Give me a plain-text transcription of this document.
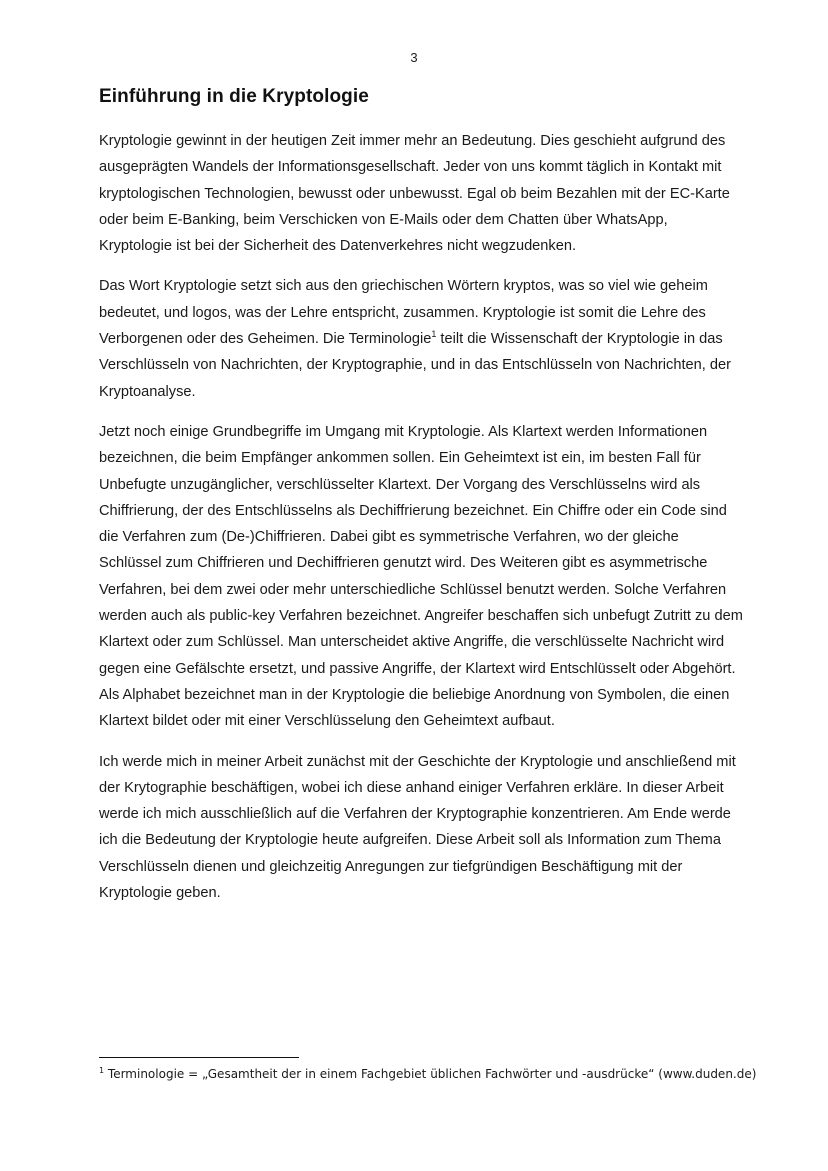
3
Einführung in die Kryptologie

Kryptologie gewinnt in der heutigen Zeit immer mehr an Bedeutung. Dies geschieht aufgrund des ausgeprägten Wandels der Informationsgesellschaft. Jeder von uns kommt täglich in Kontakt mit kryptologischen Technologien, bewusst oder unbewusst. Egal ob beim Bezahlen mit der EC-Karte oder beim E-Banking, beim Verschicken von E-Mails oder dem Chatten über WhatsApp, Kryptologie ist bei der Sicherheit des Datenverkehres nicht wegzudenken.

Das Wort Kryptologie setzt sich aus den griechischen Wörtern kryptos, was so viel wie geheim bedeutet, und logos, was der Lehre entspricht, zusammen. Kryptologie ist somit die Lehre des Verborgenen oder des Geheimen. Die Terminologie$^1$ teilt die Wissenschaft der Kryptologie in das Verschlüsseln von Nachrichten, der Kryptographie, und in das Entschlüsseln von Nachrichten, der Kryptoanalyse.

Jetzt noch einige Grundbegriffe im Umgang mit Kryptologie. Als Klartext werden Informationen bezeichnen, die beim Empfänger ankommen sollen. Ein Geheimtext ist ein, im besten Fall für Unbefugte unzugänglicher, verschlüsselter Klartext. Der Vorgang des Verschlüsselns wird als Chiffrierung, der des Entschlüsselns als Dechiffrierung bezeichnet. Ein Chiffre oder ein Code sind die Verfahren zum (De-)Chiffrieren. Dabei gibt es symmetrische Verfahren, wo der gleiche Schlüssel zum Chiffrieren und Dechiffrieren genutzt wird. Des Weiteren gibt es asymmetrische Verfahren, bei dem zwei oder mehr unterschiedliche Schlüssel benutzt werden. Solche Verfahren werden auch als public-key Verfahren bezeichnet. Angreifer beschaffen sich unbefugt Zutritt zu dem Klartext oder zum Schlüssel. Man unterscheidet aktive Angriffe, die verschlüsselte Nachricht wird gegen eine Gefälschte ersetzt, und passive Angriffe, der Klartext wird Entschlüsselt oder Abgehört. Als Alphabet bezeichnet man in der Kryptologie die beliebige Anordnung von Symbolen, die einen Klartext bildet oder mit einer Verschlüsselung den Geheimtext aufbaut.

Ich werde mich in meiner Arbeit zunächst mit der Geschichte der Kryptologie und anschließend mit der Krytographie beschäftigen, wobei ich diese anhand einiger Verfahren erkläre. In dieser Arbeit werde ich mich ausschließlich auf die Verfahren der Kryptographie konzentrieren. Am Ende werde ich die Bedeutung der Kryptologie heute aufgreifen. Diese Arbeit soll als Information zum Thema Verschlüsseln dienen und gleichzeitig Anregungen zur tiefgründigen Beschäftigung mit der Kryptologie geben.

$^1$ Terminologie = „Gesamtheit der in einem Fachgebiet üblichen Fachwörter und -ausdrücke“ (www.duden.de)
